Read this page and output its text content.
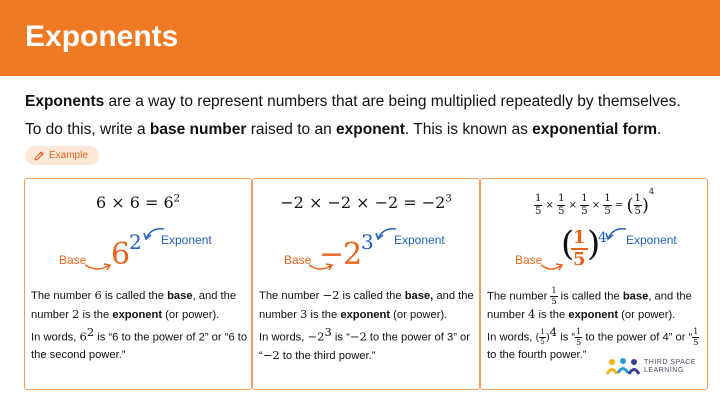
Exponents
Exponents are a way to represent numbers that are being multiplied repeatedly by themselves.
To do this, write a base number raised to an exponent. This is known as exponential form.
Example
$6 \times 6 = 6^2$
Base 6
2 Exponent
The number 6 is called the base, and the number 2 is the exponent (or power).
In words, $6^2$ is “6 to the power of 2” or “6 to the second power.”
$-2 \times -2 \times -2 = -2^3$
Base −
2
3 Exponent
The number −2 is called the base, and the number 3 is the exponent (or power).
In words, $-2^3$ is “−2 to the power of 3” or “−2 to the third power.”
$\frac{1}{5} \times \frac{1}{5} \times \frac{1}{5} \times \frac{1}{5}$ = ( $\frac{1}{5} )^4$
Base (
$\frac{1}{5}$ )
4 Exponent
The number $\frac{1}{5}$ is called the base, and the number 4 is the exponent (or power).
In words, ( $\frac{1}{5} )^4$ is “ $\frac{1}{5}$ to the power of 4” or “ $\frac{1}{5}$
to the fourth power.”
THIRD SPACE
LEARNING
